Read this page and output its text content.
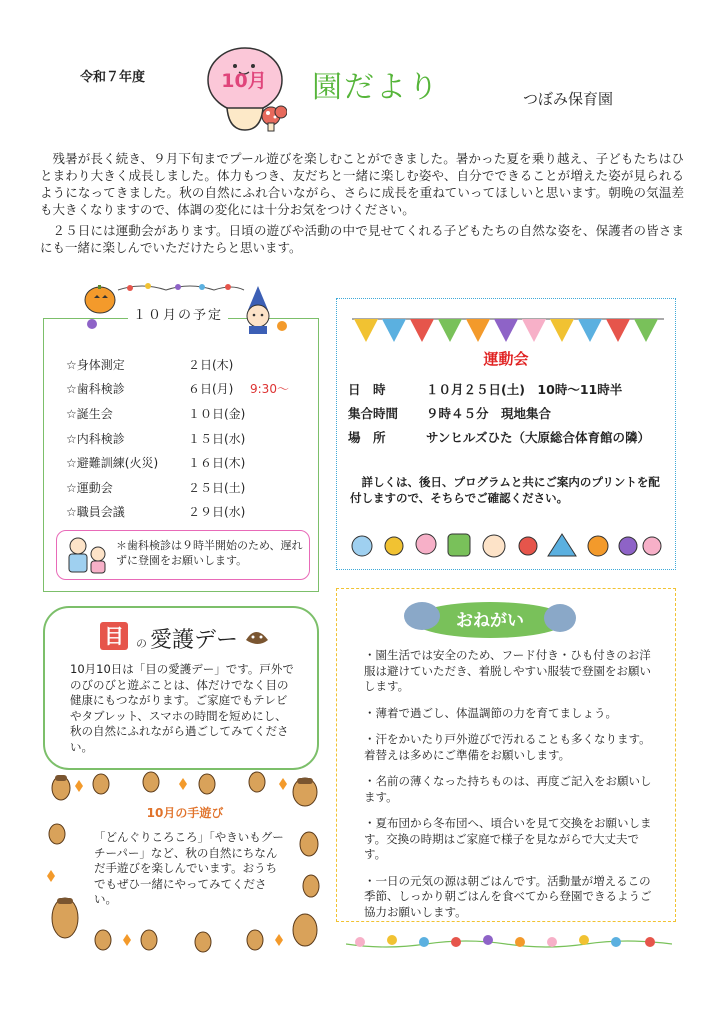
令和７年度	10月 園だより	つぼみ保育園

残暑が長く続き、９月下旬までプール遊びを楽しむことができました。暑かった夏を乗り越え、子どもたちはひとまわり大きく成長しました。体力もつき、友だちと一緒に楽しむ姿や、自分でできることが増えた姿が見られるようになってきました。秋の自然にふれ合いながら、さらに成長を重ねていってほしいと思います。朝晩の気温差も大きくなりますので、体調の変化には十分お気をつけください。

２５日には運動会があります。日頃の遊びや活動の中で見せてくれる子どもたちの自然な姿を、保護者の皆さまにも一緒に楽しんでいただけたらと思います。

１０月の予定
☆身体測定	２日(木)
☆歯科検診	６日(月)	9:30～
☆誕生会	１０日(金)
☆内科検診	１５日(水)
☆避難訓練(火災)	１６日(木)
☆運動会	２５日(土)
☆職員会議	２９日(水)
＊歯科検診は９時半開始のため、遅れずに登園をお願いします。
運動会
日　時	１０月２５日(土)　10時～11時半
集合時間	９時４５分　現地集合
場　所	サンヒルズひた（大原総合体育館の隣）
詳しくは、後日、プログラムと共にご案内のプリントを配付しますので、そちらでご確認ください。
目 の 愛護デー
10月10日は「目の愛護デー」です。戸外でのびのびと遊ぶことは、体だけでなく目の健康にもつながります。ご家庭でもテレビやタブレット、スマホの時間を短めにし、秋の自然にふれながら過ごしてみてください。
10月の手遊び
「どんぐりころころ」「やきいもグーチーパー」など、秋の自然にちなんだ手遊びを楽しんでいます。おうちでもぜひ一緒にやってみてください。
おねがい
・園生活では安全のため、フード付き・ひも付きのお洋服は避けていただき、着脱しやすい服装で登園をお願いします。
・薄着で過ごし、体温調節の力を育てましょう。
・汗をかいたり戸外遊びで汚れることも多くなります。着替えは多めにご準備をお願いします。
・名前の薄くなった持ちものは、再度ご記入をお願いします。
・夏布団から冬布団へ、頃合いを見て交換をお願いします。交換の時期はご家庭で様子を見ながらで大丈夫です。
・一日の元気の源は朝ごはんです。活動量が増えるこの季節、しっかり朝ごはんを食べてから登園できるようご協力お願いします。
